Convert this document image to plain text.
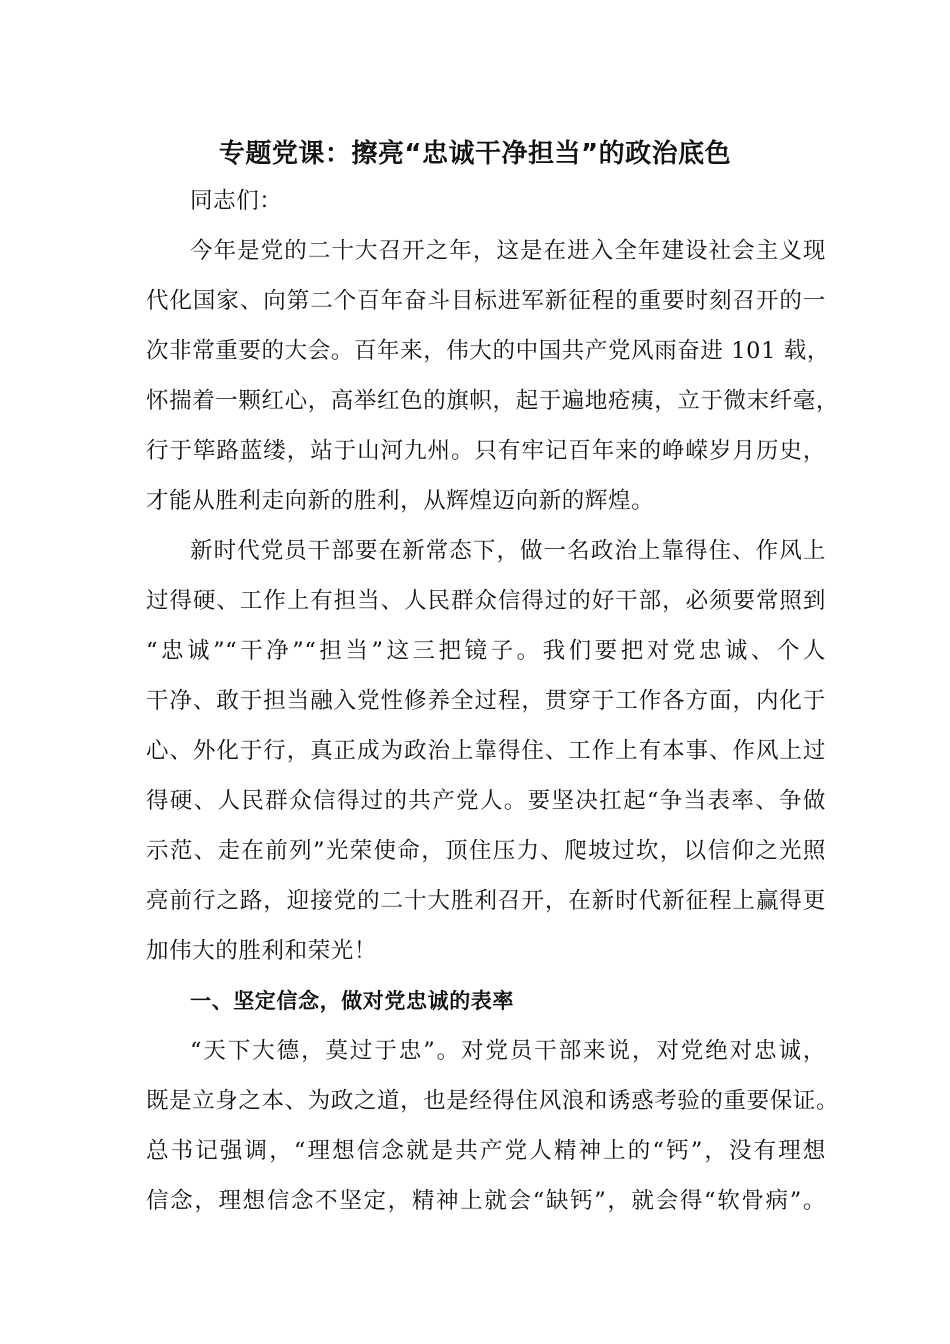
专题党课：擦亮“忠诚干净担当”的政治底色
同志们：
今年是党的二十大召开之年，这是在进入全年建设社会主义现
代化国家、向第二个百年奋斗目标进军新征程的重要时刻召开的一
次非常重要的大会。百年来，伟大的中国共产党风雨奋进 101 载，
怀揣着一颗红心，高举红色的旗帜，起于遍地疮痍，立于微末纤毫，
行于筚路蓝缕，站于山河九州。只有牢记百年来的峥嵘岁月历史，
才能从胜利走向新的胜利，从辉煌迈向新的辉煌。
新时代党员干部要在新常态下，做一名政治上靠得住、作风上
过得硬、工作上有担当、人民群众信得过的好干部，必须要常照到
“忠诚”“干净”“担当”这三把镜子。我们要把对党忠诚、个人
干净、敢于担当融入党性修养全过程，贯穿于工作各方面，内化于
心、外化于行，真正成为政治上靠得住、工作上有本事、作风上过
得硬、人民群众信得过的共产党人。要坚决扛起“争当表率、争做
示范、走在前列”光荣使命，顶住压力、爬坡过坎，以信仰之光照
亮前行之路，迎接党的二十大胜利召开，在新时代新征程上赢得更
加伟大的胜利和荣光！
一、坚定信念，做对党忠诚的表率
“天下大德，莫过于忠”。对党员干部来说，对党绝对忠诚，
既是立身之本、为政之道，也是经得住风浪和诱惑考验的重要保证。
总书记强调，“理想信念就是共产党人精神上的“钙”，没有理想
信念，理想信念不坚定，精神上就会“缺钙”，就会得“软骨病”。
